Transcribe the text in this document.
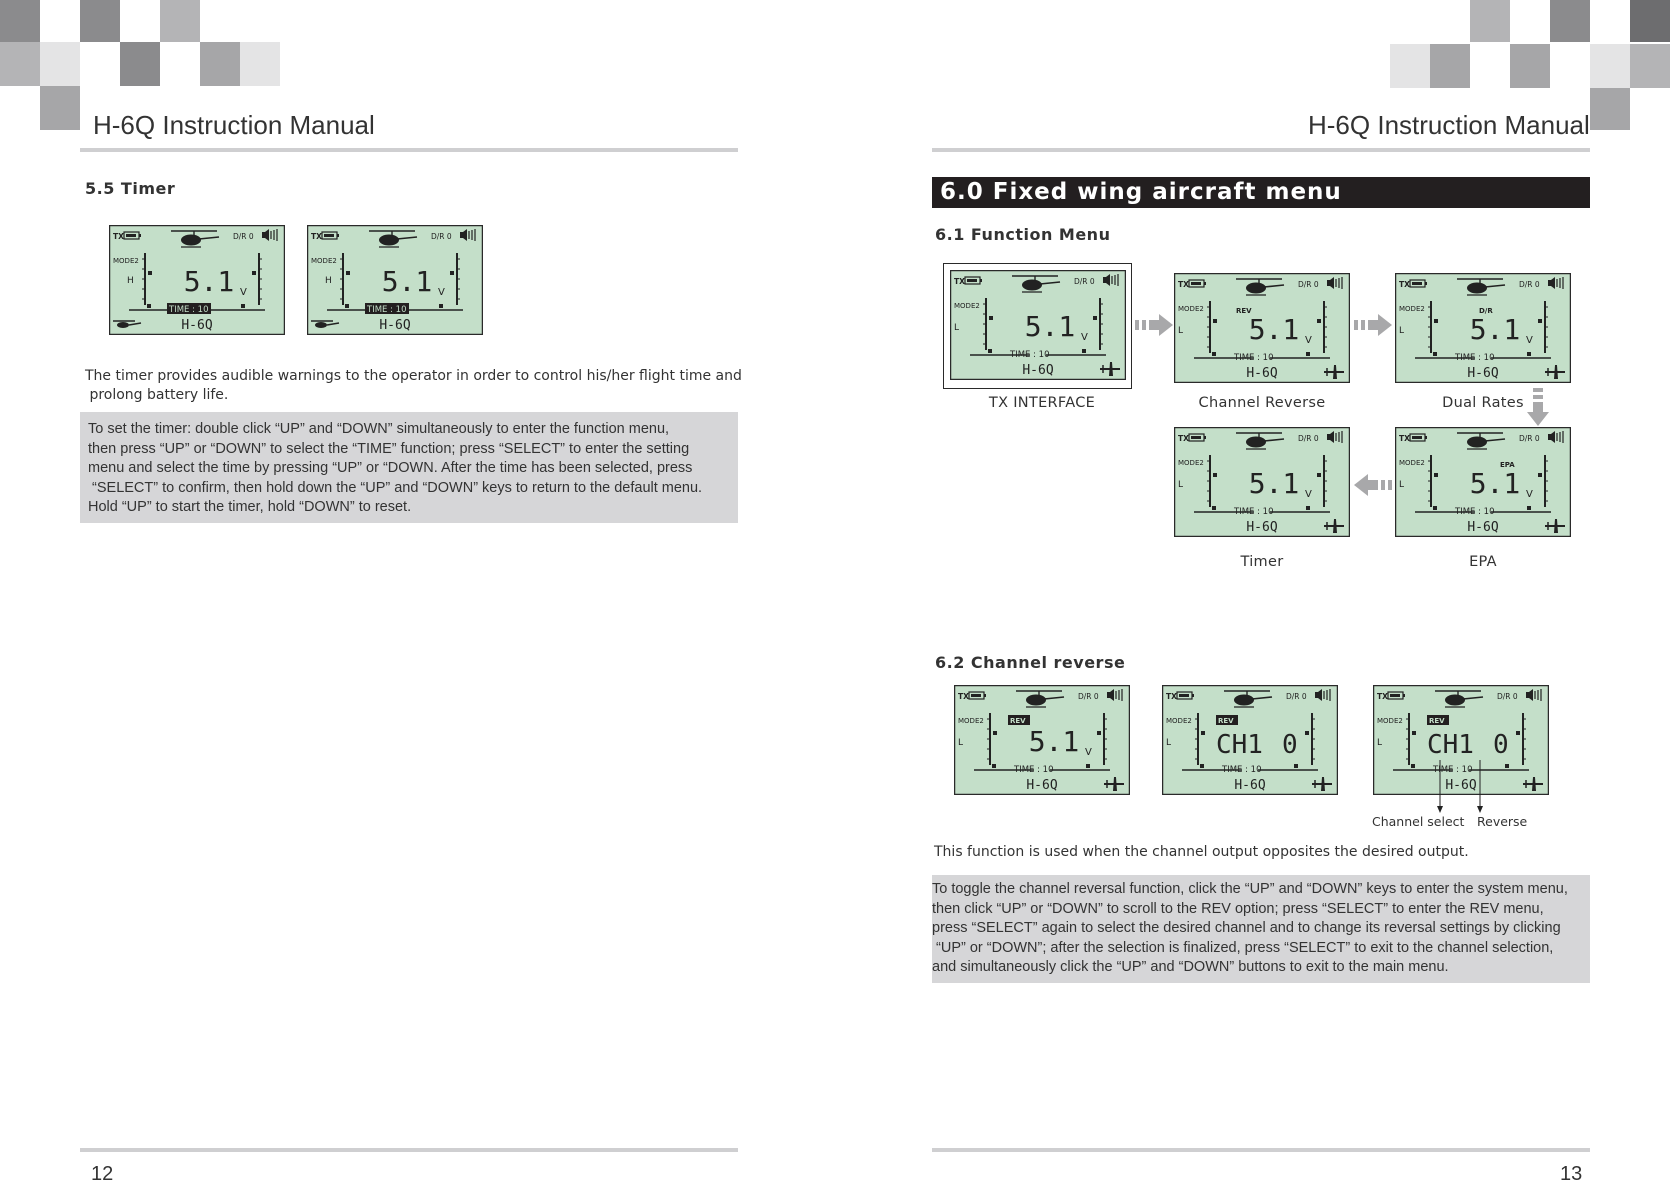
H-6Q Instruction Manual
5.5 Timer
TX	D/R 0
MODE2
H 5.1 V
TIME : 10
H-6Q
TX	D/R 0
MODE2
H 5.1 V
TIME : 10
H-6Q
The timer provides audible warnings to the operator in order to control his/her flight time and
prolong battery life.
To set the timer: double click “UP” and “DOWN” simultaneously to enter the function menu,
then press “UP” or “DOWN” to select the “TIME” function; press “SELECT” to enter the setting
menu and select the time by pressing “UP” or “DOWN. After the time has been selected, press
“SELECT” to confirm, then hold down the “UP” and “DOWN” keys to return to the default menu.
Hold “UP” to start the timer, hold “DOWN” to reset.
12
H-6Q Instruction Manual
6.0 Fixed wing aircraft menu
6.1 Function Menu
TX	D/R 0
MODE2
L 5.1 V
TIME : 10
H-6Q
TX	D/R 0
MODE2
L 5.1 V
REV
TIME : 10
H-6Q
TX	D/R 0
MODE2
L 5.1 V
D/R
TIME : 10
H-6Q
TX	D/R 0
MODE2
L 5.1 V
TIME : 10
H-6Q
TX	D/R 0
MODE2
L 5.1 V
EPA
TIME : 10
H-6Q
TX INTERFACE	Channel Reverse	Dual Rates
Timer	EPA
6.2 Channel reverse
TX	D/R 0
MODE2
L 5.1 V
REV
TIME : 10
H-6Q
TX	D/R 0
MODE2
L CH1 0
REV
TIME : 10
H-6Q
TX	D/R 0
MODE2
L CH1 0
REV
TIME : 10
H-6Q
Channel select Reverse
This function is used when the channel output opposites the desired output.
To toggle the channel reversal function, click the “UP” and “DOWN” keys to enter the system menu,
then click “UP” or “DOWN” to scroll to the REV option; press “SELECT” to enter the REV menu,
press “SELECT” again to select the desired channel and to change its reversal settings by clicking
“UP” or “DOWN”; after the selection is finalized, press “SELECT” to exit to the channel selection,
and simultaneously click the “UP” and “DOWN” buttons to exit to the main menu.
13
